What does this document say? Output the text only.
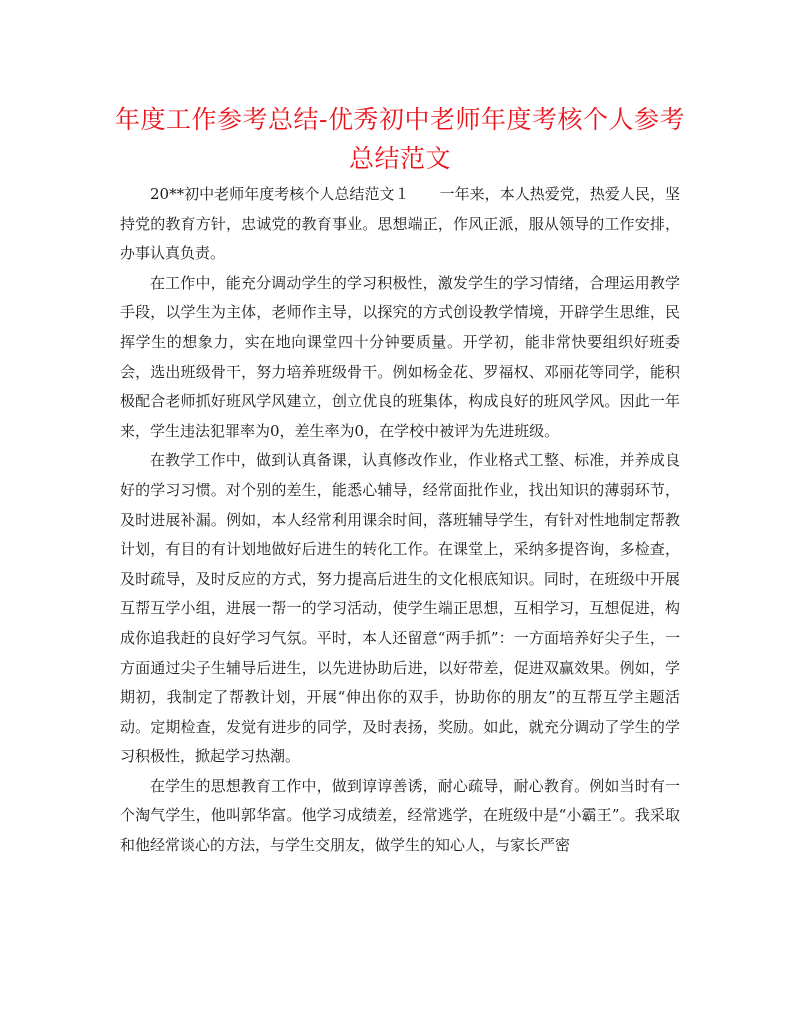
年度工作参考总结-优秀初中老师年度考核个人参考总结范文

20**初中老师年度考核个人总结范文１　　一年来，本人热爱党，热爱人民，坚持党的教育方针，忠诚党的教育事业。思想端正，作风正派，服从领导的工作安排，办事认真负责。

在工作中，能充分调动学生的学习积极性，激发学生的学习情绪，合理运用教学手段，以学生为主体，老师作主导，以探究的方式创设教学情境，开辟学生思维，民挥学生的想象力，实在地向课堂四十分钟要质量。开学初，能非常快要组织好班委会，选出班级骨干，努力培养班级骨干。例如杨金花、罗福权、邓丽花等同学，能积极配合老师抓好班风学风建立，创立优良的班集体，构成良好的班风学风。因此一年来，学生违法犯罪率为0，差生率为0，在学校中被评为先进班级。

在教学工作中，做到认真备课，认真修改作业，作业格式工整、标准，并养成良好的学习习惯。对个别的差生，能悉心辅导，经常面批作业，找出知识的薄弱环节，及时进展补漏。例如，本人经常利用课余时间，落班辅导学生，有针对性地制定帮教计划，有目的有计划地做好后进生的转化工作。在课堂上，采纳多提咨询，多检查，及时疏导，及时反应的方式，努力提高后进生的文化根底知识。同时，在班级中开展互帮互学小组，进展一帮一的学习活动，使学生端正思想，互相学习，互想促进，构成你追我赶的良好学习气氛。平时，本人还留意“两手抓”：一方面培养好尖子生，一方面通过尖子生辅导后进生，以先进协助后进，以好带差，促进双赢效果。例如，学期初，我制定了帮教计划，开展“伸出你的双手，协助你的朋友”的互帮互学主题活动。定期检查，发觉有进步的同学，及时表扬，奖励。如此，就充分调动了学生的学习积极性，掀起学习热潮。

在学生的思想教育工作中，做到谆谆善诱，耐心疏导，耐心教育。例如当时有一个淘气学生，他叫郭华富。他学习成绩差，经常逃学，在班级中是“小霸王”。我采取和他经常谈心的方法，与学生交朋友，做学生的知心人，与家长严密
